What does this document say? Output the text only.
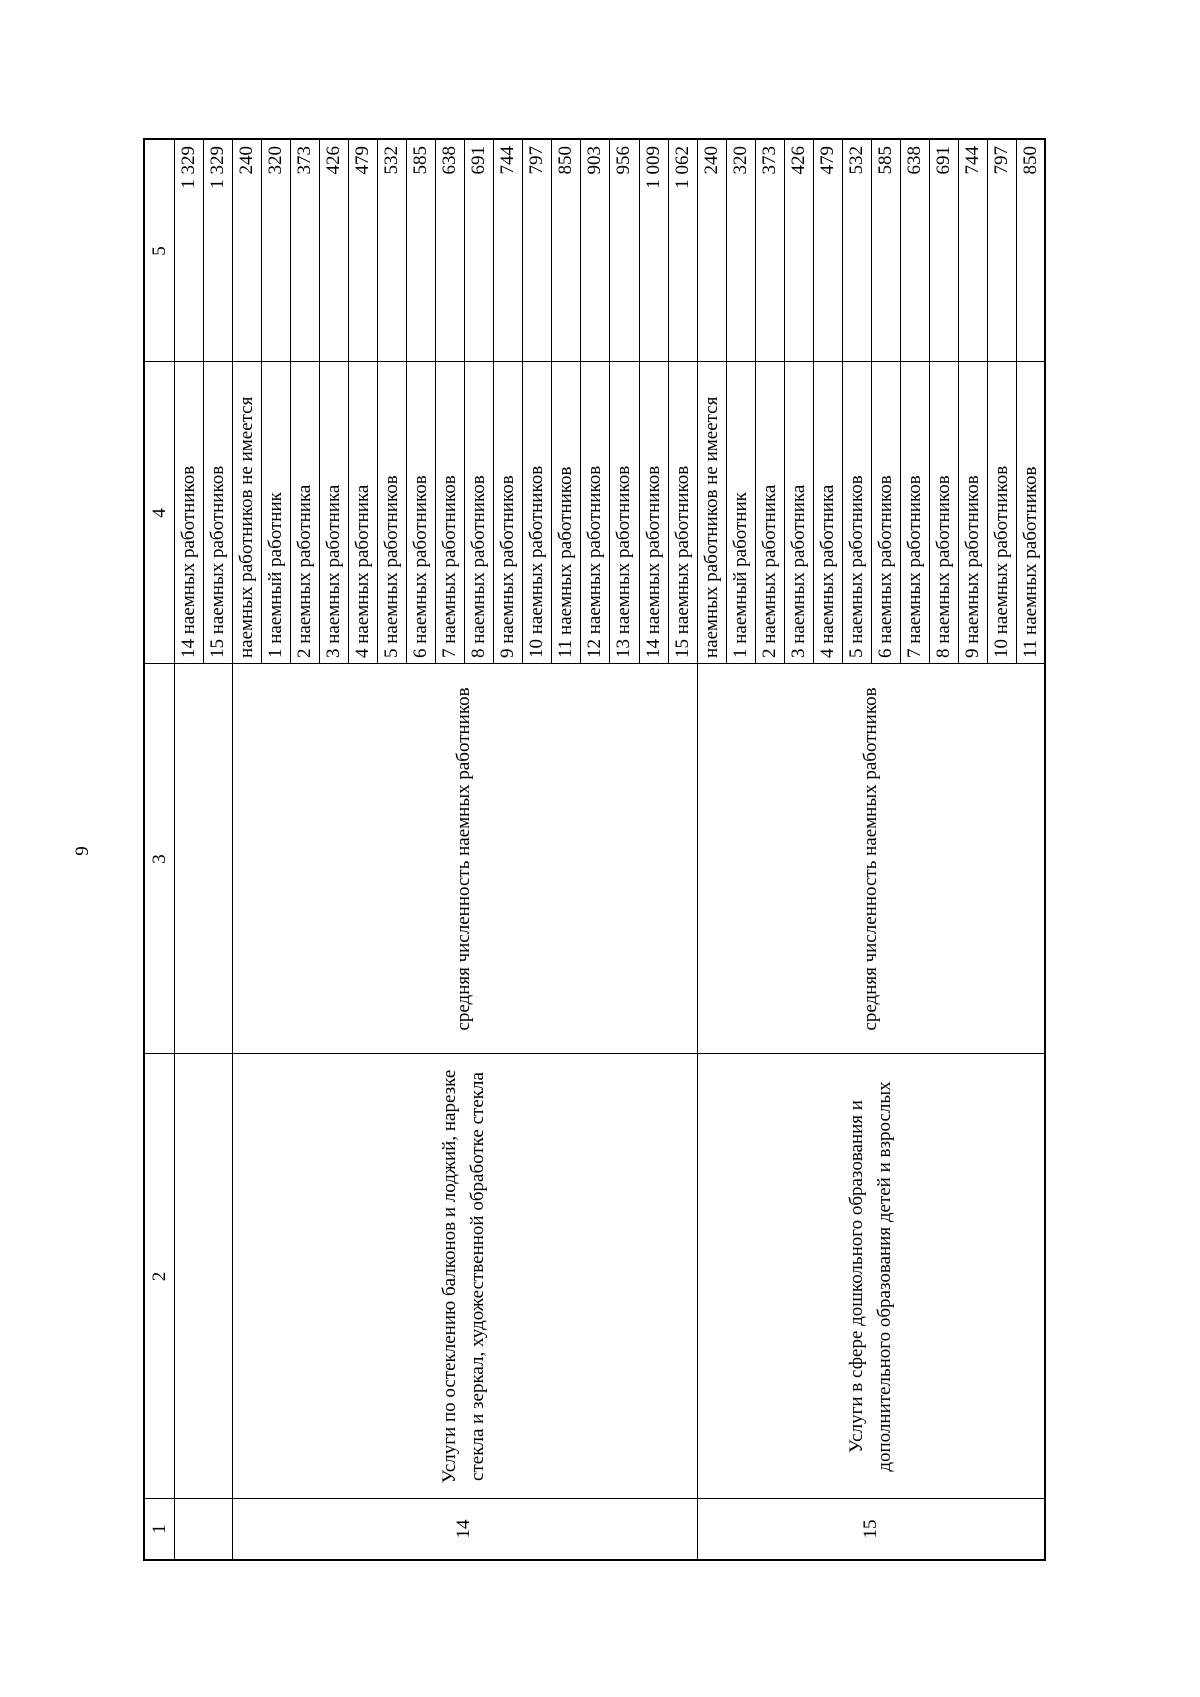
9
1
2
3
4
5
14 наемных работников
1 329
15 наемных работников
1 329
14
Услуги по остеклению балконов и лоджий, нарезке стекла и зеркал, художественной обработке стекла
средняя численность наемных работников
наемных работников не имеется
240
1 наемный работник
320
2 наемных работника
373
3 наемных работника
426
4 наемных работника
479
5 наемных работников
532
6 наемных работников
585
7 наемных работников
638
8 наемных работников
691
9 наемных работников
744
10 наемных работников
797
11 наемных работников
850
12 наемных работников
903
13 наемных работников
956
14 наемных работников
1 009
15 наемных работников
1 062
15
Услуги в сфере дошкольного образования и дополнительного образования детей и взрослых
средняя численность наемных работников
наемных работников не имеется
240
1 наемный работник
320
2 наемных работника
373
3 наемных работника
426
4 наемных работника
479
5 наемных работников
532
6 наемных работников
585
7 наемных работников
638
8 наемных работников
691
9 наемных работников
744
10 наемных работников
797
11 наемных работников
850
